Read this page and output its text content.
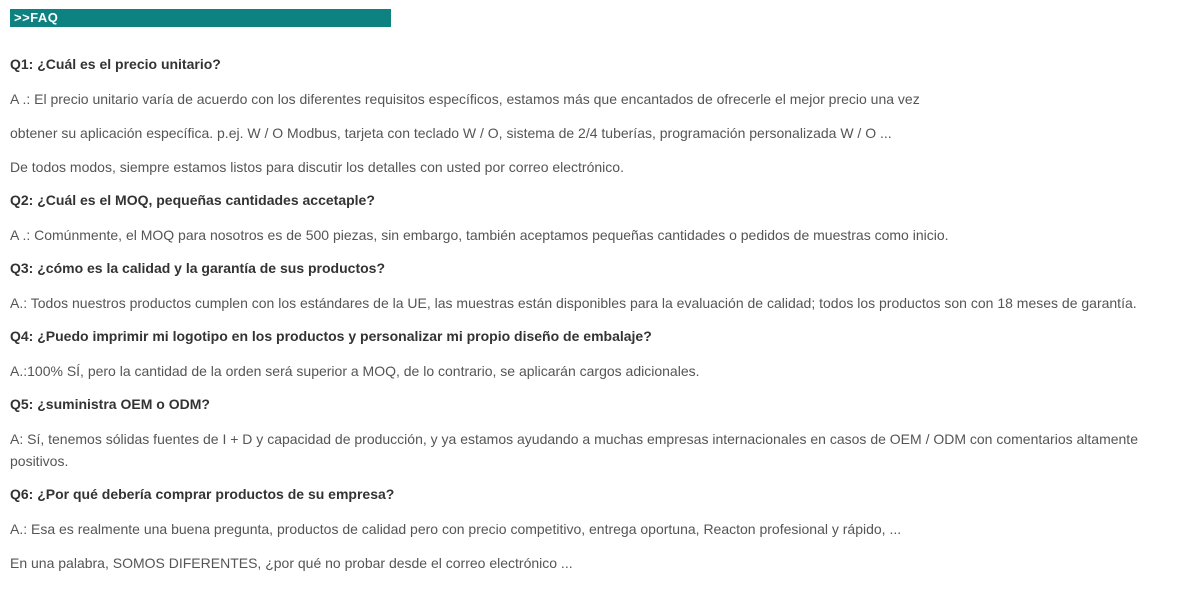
>>FAQ
Q1: ¿Cuál es el precio unitario?

A .: El precio unitario varía de acuerdo con los diferentes requisitos específicos, estamos más que encantados de ofrecerle el mejor precio una vez

obtener su aplicación específica. p.ej. W / O Modbus, tarjeta con teclado W / O, sistema de 2/4 tuberías, programación personalizada W / O ...

De todos modos, siempre estamos listos para discutir los detalles con usted por correo electrónico.

Q2: ¿Cuál es el MOQ, pequeñas cantidades accetaple?

A .: Comúnmente, el MOQ para nosotros es de 500 piezas, sin embargo, también aceptamos pequeñas cantidades o pedidos de muestras como inicio.

Q3: ¿cómo es la calidad y la garantía de sus productos?

A.: Todos nuestros productos cumplen con los estándares de la UE, las muestras están disponibles para la evaluación de calidad; todos los productos son con 18 meses de garantía.

Q4: ¿Puedo imprimir mi logotipo en los productos y personalizar mi propio diseño de embalaje?

A.:100% SÍ, pero la cantidad de la orden será superior a MOQ, de lo contrario, se aplicarán cargos adicionales.

Q5: ¿suministra OEM o ODM?

A: Sí, tenemos sólidas fuentes de I + D y capacidad de producción, y ya estamos ayudando a muchas empresas internacionales en casos de OEM / ODM con comentarios altamente positivos.

Q6: ¿Por qué debería comprar productos de su empresa?

A.: Esa es realmente una buena pregunta, productos de calidad pero con precio competitivo, entrega oportuna, Reacton profesional y rápido, ...

En una palabra, SOMOS DIFERENTES, ¿por qué no probar desde el correo electrónico ...
